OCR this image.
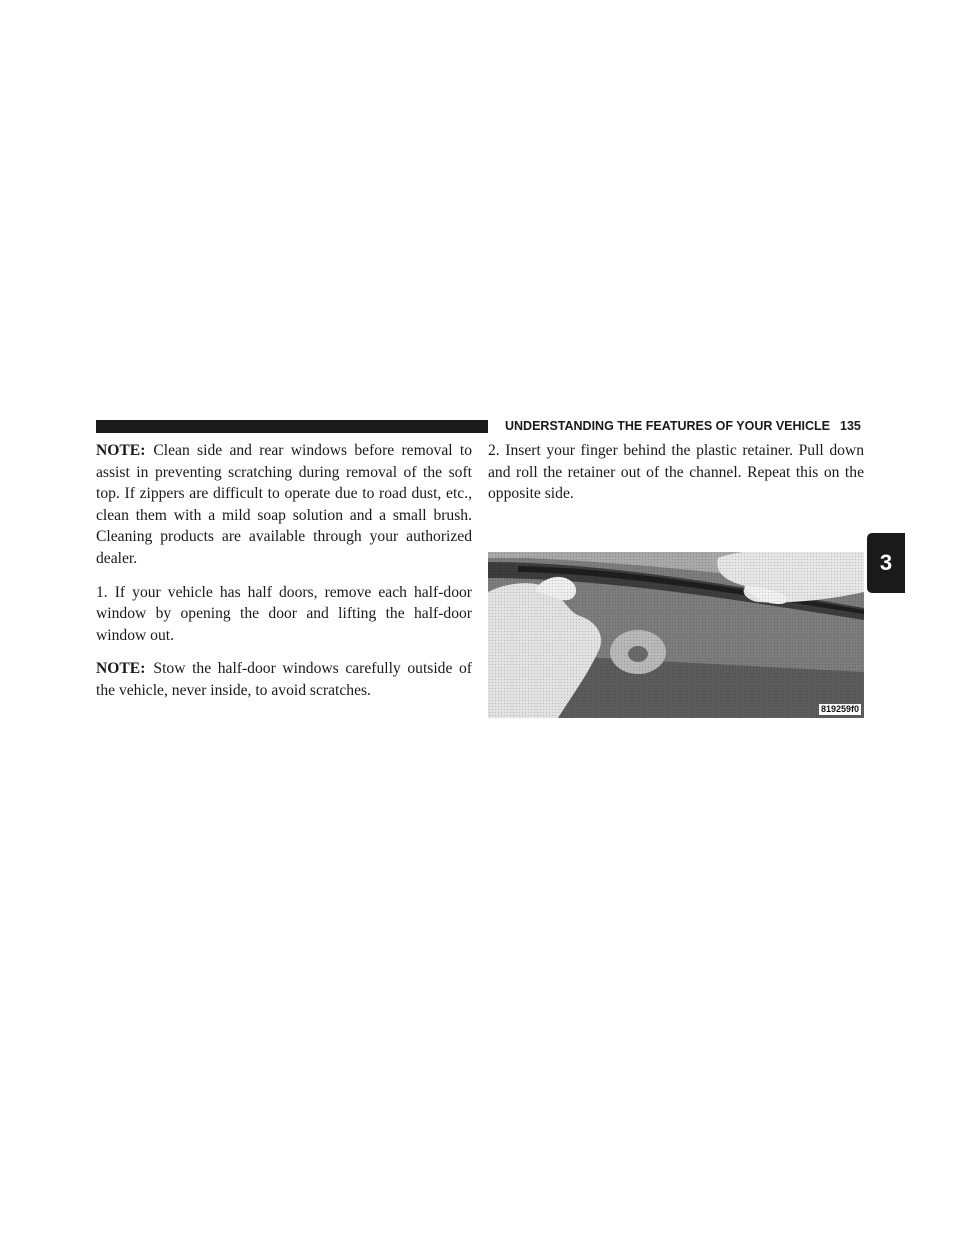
UNDERSTANDING THE FEATURES OF YOUR VEHICLE 135

NOTE: Clean side and rear windows before removal to assist in preventing scratching during removal of the soft top. If zippers are difficult to operate due to road dust, etc., clean them with a mild soap solution and a small brush. Cleaning products are available through your authorized dealer.

1. If your vehicle has half doors, remove each half-door window by opening the door and lifting the half-door window out.

NOTE: Stow the half-door windows carefully outside of the vehicle, never inside, to avoid scratches.

2. Insert your finger behind the plastic retainer. Pull down and roll the retainer out of the channel. Repeat this on the opposite side.

819259f0
3
